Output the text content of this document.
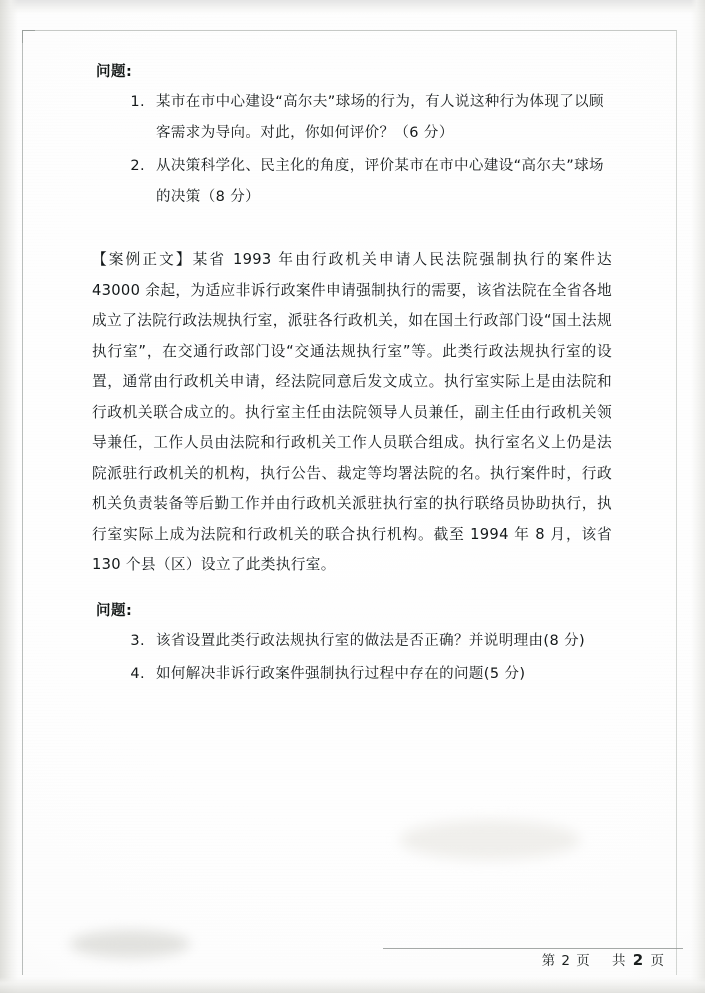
问题:
1. 某市在市中心建设“高尔夫”球场的行为，有人说这种行为体现了以顾客需求为导向。对此，你如何评价？（6 分）
2. 从决策科学化、民主化的角度，评价某市在市中心建设“高尔夫”球场的决策（8 分）

【案例正文】某省 1993 年由行政机关申请人民法院强制执行的案件达 43000 余起，为适应非诉行政案件申请强制执行的需要，该省法院在全省各地成立了法院行政法规执行室，派驻各行政机关，如在国土行政部门设“国土法规执行室”，在交通行政部门设“交通法规执行室”等。此类行政法规执行室的设置，通常由行政机关申请，经法院同意后发文成立。执行室实际上是由法院和行政机关联合成立的。执行室主任由法院领导人员兼任，副主任由行政机关领导兼任，工作人员由法院和行政机关工作人员联合组成。执行室名义上仍是法院派驻行政机关的机构，执行公告、裁定等均署法院的名。执行案件时，行政机关负责装备等后勤工作并由行政机关派驻执行室的执行联络员协助执行，执行室实际上成为法院和行政机关的联合执行机构。截至 1994 年 8 月，该省 130 个县（区）设立了此类执行室。

问题:
3. 该省设置此类行政法规执行室的做法是否正确？并说明理由(8 分)
4. 如何解决非诉行政案件强制执行过程中存在的问题(5 分)
第 2 页 共 2 页
